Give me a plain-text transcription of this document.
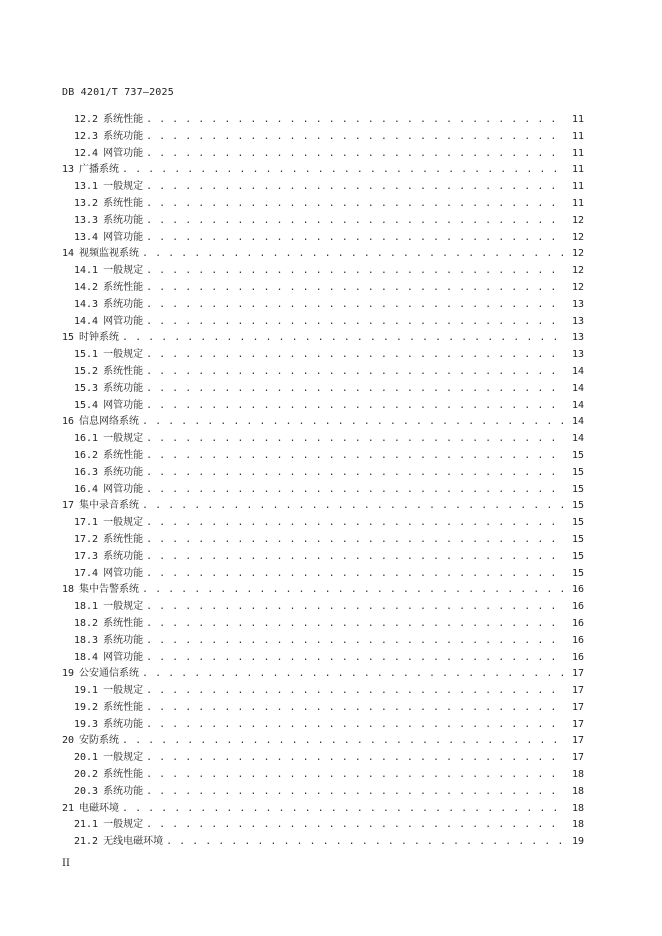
DB 4201/T 737—2025
12.2 系统性能 . . .	11
12.3 系统功能 . . .	11
12.4 网管功能 . . .	11
13 广播系统 . . .	11
13.1 一般规定 . . .	11
13.2 系统性能 . . .	11
13.3 系统功能 . . .	12
13.4 网管功能 . . .	12
14 视频监视系统 . . .	12
14.1 一般规定 . . .	12
14.2 系统性能 . . .	12
14.3 系统功能 . . .	13
14.4 网管功能 . . .	13
15 时钟系统 . . .	13
15.1 一般规定 . . .	13
15.2 系统性能 . . .	14
15.3 系统功能 . . .	14
15.4 网管功能 . . .	14
16 信息网络系统 . . .	14
16.1 一般规定 . . .	14
16.2 系统性能 . . .	15
16.3 系统功能 . . .	15
16.4 网管功能 . . .	15
17 集中录音系统 . . .	15
17.1 一般规定 . . .	15
17.2 系统性能 . . .	15
17.3 系统功能 . . .	15
17.4 网管功能 . . .	15
18 集中告警系统 . . .	16
18.1 一般规定 . . .	16
18.2 系统性能 . . .	16
18.3 系统功能 . . .	16
18.4 网管功能 . . .	16
19 公安通信系统 . . .	17
19.1 一般规定 . . .	17
19.2 系统性能 . . .	17
19.3 系统功能 . . .	17
20 安防系统 . . .	17
20.1 一般规定 . . .	17
20.2 系统性能 . . .	18
20.3 系统功能 . . .	18
21 电磁环境 . . .	18
21.1 一般规定 . . .	18
21.2 无线电磁环境 . . .	19
II
